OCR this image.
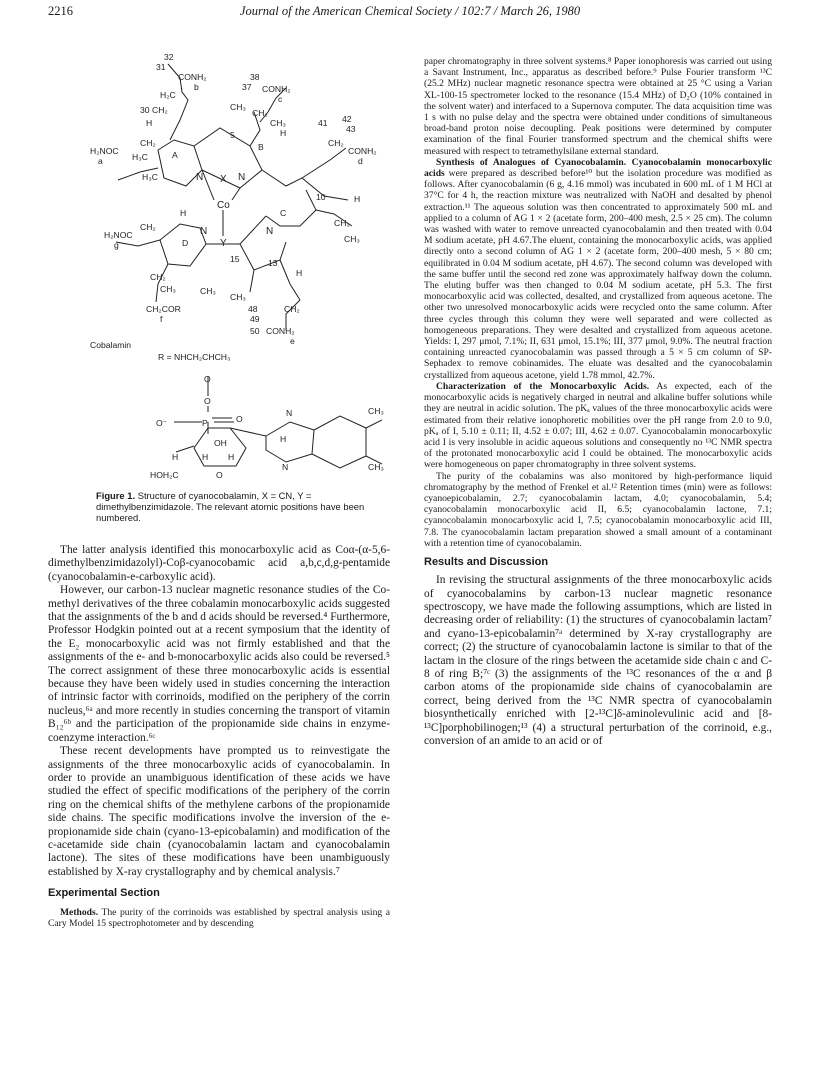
2216	Journal of the American Chemical Society / 102:7 / March 26, 1980
32
31
CONH₂
b
H₂C
30 CH₂
38
37 CONH₂
c
CH₃
CH₂
CH₃	41 42
43
CONH₂
d
CH₂
H
H
H₂NOC
a
CH₂
H₃C
H₃C
A
B
C
D
5
10
15	13
N	N
N	N
X
Co
Y
H
H
H₂NOC
g
CH₂	CH₃
CH₃
CH₃
CH₃
CH₃
H
CH₂
CH₂COR
f
48
49
50
CH₂
CONH₂
e
Cobalamin
R = NHCH₂CHCH₃
O
O
P	O
O⁻
N
N
CH₃
CH₃
OH
H	H H
H
HOH₂C	O
Figure 1. Structure of cyanocobalamin, X = CN, Y = dimethylbenzimidazole. The relevant atomic positions have been numbered.

The latter analysis identified this monocarboxylic acid as Coα-(α-5,6-dimethylbenzimidazolyl)-Coβ-cyanocobamic acid a,b,c,d,g-pentamide (cyanocobalamin-e-carboxylic acid).

However, our carbon-13 nuclear magnetic resonance studies of the Co-methyl derivatives of the three cobalamin monocarboxylic acids suggested that the assignments of the b and d acids should be reversed.⁴ Furthermore, Professor Hodgkin pointed out at a recent symposium that the identity of the E₂ monocarboxylic acid was not firmly established and that the assignments of the e- and b-monocarboxylic acids also could be reversed.⁵ The correct assignment of these three monocarboxylic acids is essential because they have been widely used in studies concerning the interaction of intrinsic factor with corrinoids, modified on the periphery of the corrin nucleus,⁶ᵃ and more recently in studies concerning the transport of vitamin B₁₂⁶ᵇ and the participation of the propionamide side chains in enzyme-coenzyme interaction.⁶ᶜ

These recent developments have prompted us to reinvestigate the assignments of the three monocarboxylic acids of cyanocobalamin. In order to provide an unambiguous identification of these acids we have studied the effect of specific modifications of the periphery of the corrin ring on the chemical shifts of the methylene carbons of the propionamide side chains. The specific modifications involve the inversion of the e-propionamide side chain (cyano-13-epicobalamin) and modification of the c-acetamide side chain (cyanocobalamin lactam and cyanocobalamin lactone). The sites of these modifications have been unambiguously established by X-ray crystallography and by chemical analysis.⁷

Experimental Section

Methods. The purity of the corrinoids was established by spectral analysis using a Cary Model 15 spectrophotometer and by descending

paper chromatography in three solvent systems.⁸ Paper ionophoresis was carried out using a Savant Instrument, Inc., apparatus as described before.⁹ Pulse Fourier transform ¹³C (25.2 MHz) nuclear magnetic resonance spectra were obtained at 25 °C using a Varian XL-100-15 spectrometer locked to the resonance (15.4 MHz) of D₂O (10% contained in the solvent water) and interfaced to a Supernova computer. The data acquisition time was 1 s with no pulse delay and the spectra were obtained under conditions of simultaneous broad-band proton noise decoupling. Peak positions were determined by computer examination of the final Fourier transformed spectrum and the chemical shifts were measured with respect to tetramethylsilane external standard.

Synthesis of Analogues of Cyanocobalamin. Cyanocobalamin monocarboxylic acids were prepared as described before¹⁰ but the isolation procedure was modified as follows. After cyanocobalamin (6 g, 4.16 mmol) was incubated in 600 mL of 1 M HCl at 37°C for 4 h, the reaction mixture was neutralized with NaOH and desalted by phenol extraction.¹¹ The aqueous solution was then concentrated to approximately 500 mL and applied to a column of AG 1 × 2 (acetate form, 200–400 mesh, 2.5 × 25 cm). The column was washed with water to remove unreacted cyanocobalamin and then treated with 0.04 M sodium acetate, pH 4.67.The eluent, containing the monocarboxylic acids, was applied directly onto a second column of AG 1 × 2 (acetate form, 200–400 mesh, 5 × 80 cm; equilibrated in 0.04 M sodium acetate, pH 4.67). The second column was developed with the same buffer until the second red zone was approximately halfway down the column. The eluting buffer was then changed to 0.04 M sodium acetate, pH 5.3. The first monocarboxylic acid was collected, desalted, and crystallized from aqueous acetone. The other two unresolved monocarboxylic acids were recycled onto the same column. After three cycles through this column they were well separated and were collected as homogeneous preparations. They were desalted and crystallized from aqueous acetone. Yields: I, 297 μmol, 7.1%; II, 631 μmol, 15.1%; III, 377 μmol, 9.0%. The neutral fraction containing unreacted cyanocobalamin was passed through a 5 × 5 cm column of SP-Sephadex to remove cobinamides. The eluate was desalted and the cyanocobalamin crystallized from aqueous acetone, yield 1.78 mmol, 42.7%.

Characterization of the Monocarboxylic Acids. As expected, each of the monocarboxylic acids is negatively charged in neutral and alkaline buffer solutions while they are neutral in acidic solution. The pKₐ values of the three monocarboxylic acids were estimated from their relative ionophoretic mobilities over the pH range from 2.0 to 9.0, pKₐ of I, 5.10 ± 0.11; II, 4.52 ± 0.07; III, 4.62 ± 0.07. Cyanocobalamin monocarboxylic acid I is very insoluble in acidic aqueous solutions and consequently no ¹³C NMR spectra of the protonated monocarboxylic acid I could be obtained. The monocarboxylic acids were homogeneous on paper chromatography in three solvent systems.

The purity of the cobalamins was also monitored by high-performance liquid chromatography by the method of Frenkel et al.¹² Retention times (min) were as follows: cyanoepicobalamin, 2.7; cyanocobalamin lactam, 4.0; cyanocobalamin, 5.4; cyanocobalamin monocarboxylic acid II, 6.5; cyanocobalamin lactone, 7.1; cyanocobalamin monocarboxylic acid I, 7.5; cyanocobalamin monocarboxylic acid III, 7.8. The cyanocobalamin lactam preparation showed a small amount of a contaminant with a retention time of cyanocobalamin.

Results and Discussion

In revising the structural assignments of the three monocarboxylic acids of cyanocobalamins by carbon-13 nuclear magnetic resonance spectroscopy, we have made the following assumptions, which are listed in decreasing order of reliability: (1) the structures of cyanocobalamin lactam⁷ and cyano-13-epicobalamin⁷ᵃ determined by X-ray crystallography are correct; (2) the structure of cyanocobalamin lactone is similar to that of the lactam in the closure of the rings between the acetamide side chain c and C-8 of ring B;⁷ᶜ (3) the assignments of the ¹³C resonances of the α and β carbon atoms of the propionamide side chains of cyanocobalamin are correct, being derived from the ¹³C NMR spectra of cyanocobalamin biosynthetically enriched with [2-¹³C]δ-aminolevulinic acid and [8-¹³C]porphobilinogen;¹³ (4) a structural perturbation of the corrinoid, e.g., conversion of an amide to an acid or of
